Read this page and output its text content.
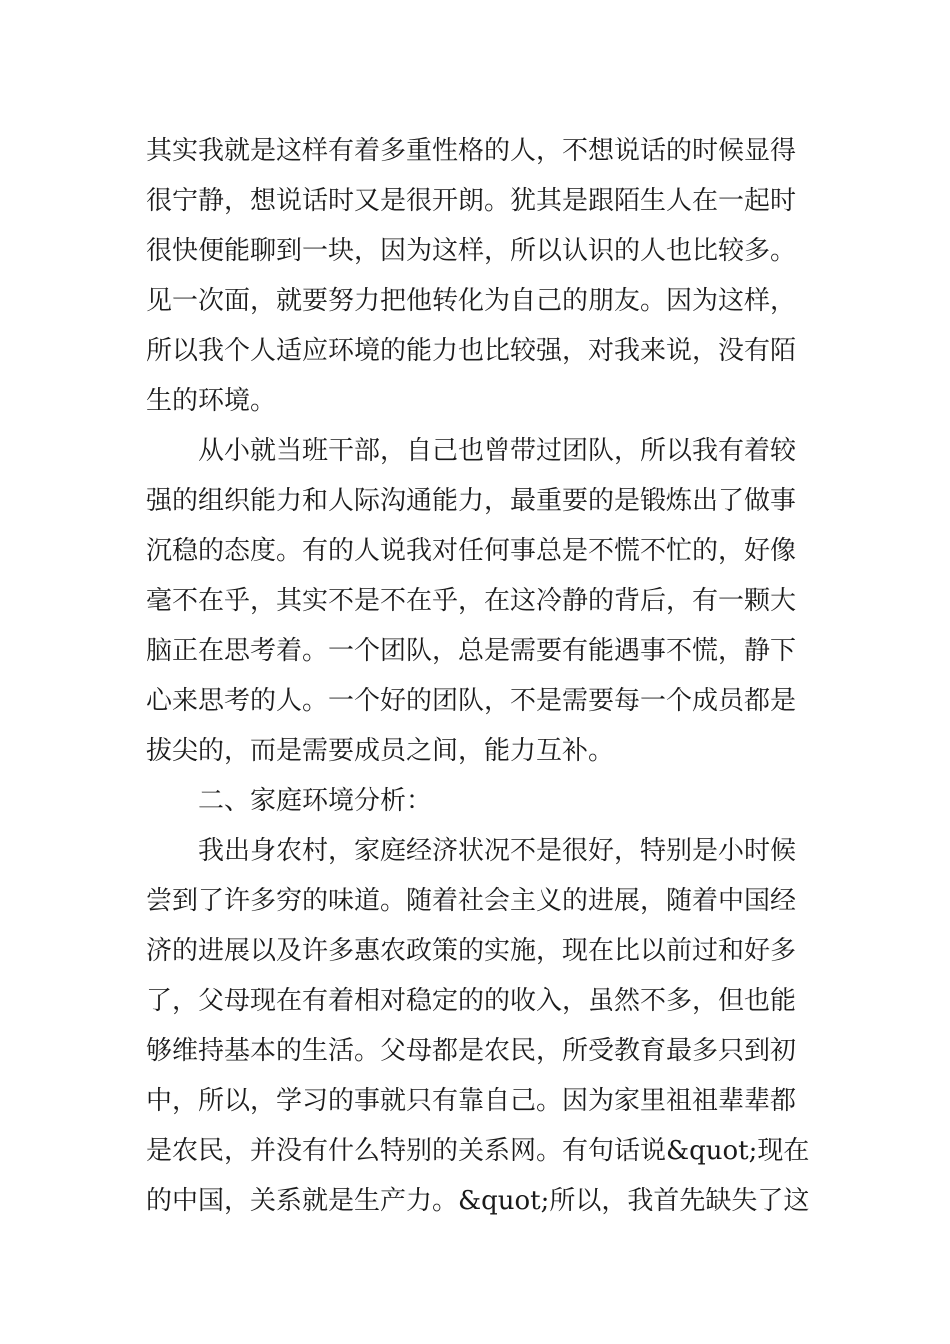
其实我就是这样有着多重性格的人，不想说话的时候显得
很宁静，想说话时又是很开朗。犹其是跟陌生人在一起时
很快便能聊到一块，因为这样，所以认识的人也比较多。
见一次面，就要努力把他转化为自己的朋友。因为这样，
所以我个人适应环境的能力也比较强，对我来说，没有陌
生的环境。
　　从小就当班干部，自己也曾带过团队，所以我有着较
强的组织能力和人际沟通能力，最重要的是锻炼出了做事
沉稳的态度。有的人说我对任何事总是不慌不忙的，好像
毫不在乎，其实不是不在乎，在这冷静的背后，有一颗大
脑正在思考着。一个团队，总是需要有能遇事不慌，静下
心来思考的人。一个好的团队，不是需要每一个成员都是
拔尖的，而是需要成员之间，能力互补。
　　二、家庭环境分析：
　　我出身农村，家庭经济状况不是很好，特别是小时候
尝到了许多穷的味道。随着社会主义的进展，随着中国经
济的进展以及许多惠农政策的实施，现在比以前过和好多
了，父母现在有着相对稳定的的收入，虽然不多，但也能
够维持基本的生活。父母都是农民，所受教育最多只到初
中，所以，学习的事就只有靠自己。因为家里祖祖辈辈都
是农民，并没有什么特别的关系网。有句话说&quot;现在
的中国，关系就是生产力。&quot;所以，我首先缺失了这
